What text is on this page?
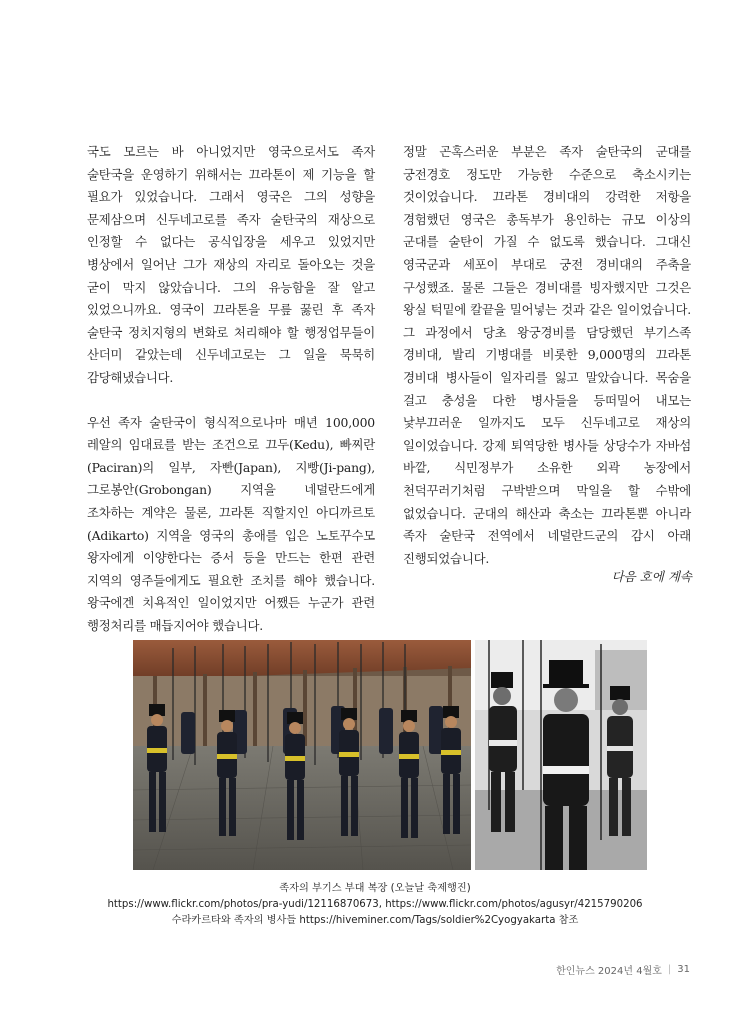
국도 모르는 바 아니었지만 영국으로서도 족자 술탄국을 운영하기 위해서는 끄라톤이 제 기능을 할 필요가 있었습니다. 그래서 영국은 그의 성향을 문제삼으며 신두네고로를 족자 술탄국의 재상으로 인정할 수 없다는 공식입장을 세우고 있었지만 병상에서 일어난 그가 재상의 자리로 돌아오는 것을 굳이 막지 않았습니다. 그의 유능함을 잘 알고 있었으니까요. 영국이 끄라톤을 무릎 꿇린 후 족자 술탄국 정치지형의 변화로 처리해야 할 행정업무들이 산더미 같았는데 신두네고로는 그 일을 묵묵히 감당해냈습니다.

우선 족자 술탄국이 형식적으로나마 매년 100,000 레알의 임대료를 받는 조건으로 끄두(Kedu), 빠찌란(Paciran)의 일부, 자빤(Japan), 지빵(Ji-pang), 그로봉안(Grobongan) 지역을 네덜란드에게 조차하는 계약은 물론, 끄라톤 직할지인 아디까르토(Adikarto) 지역을 영국의 총애를 입은 노토꾸수모 왕자에게 이양한다는 증서 등을 만드는 한편 관련 지역의 영주들에게도 필요한 조치를 해야 했습니다. 왕국에겐 치욕적인 일이었지만 어쨌든 누군가 관련 행정처리를 매듭지어야 했습니다.

정말 곤혹스러운 부분은 족자 술탄국의 군대를 궁전경호 정도만 가능한 수준으로 축소시키는 것이었습니다. 끄라톤 경비대의 강력한 저항을 경험했던 영국은 총독부가 용인하는 규모 이상의 군대를 술탄이 가질 수 없도록 했습니다. 그대신 영국군과 세포이 부대로 궁전 경비대의 주축을 구성했죠. 물론 그들은 경비대를 빙자했지만 그것은 왕실 턱밑에 칼끝을 밀어넣는 것과 같은 일이었습니다. 그 과정에서 당초 왕궁경비를 담당했던 부기스족 경비대, 발리 기병대를 비롯한 9,000명의 끄라톤 경비대 병사들이 일자리를 잃고 말았습니다. 목숨을 걸고 충성을 다한 병사들을 등떠밀어 내모는 낯부끄러운 일까지도 모두 신두네고로 재상의 일이었습니다. 강제 퇴역당한 병사들 상당수가 자바섬 바깥, 식민정부가 소유한 외곽 농장에서 천덕꾸러기처럼 구박받으며 막일을 할 수밖에 없었습니다. 군대의 해산과 축소는 끄라톤뿐 아니라 족자 술탄국 전역에서 네덜란드군의 감시 아래 진행되었습니다.

다음 호에 계속
족자의 부기스 부대 복장 (오늘날 축제행진)
https://www.flickr.com/photos/pra-yudi/12116870673, https://www.flickr.com/photos/agusyr/4215790206
수라카르타와 족자의 병사들 https://hiveminer.com/Tags/soldier%2Cyogyakarta 참조
한인뉴스 2024년 4월호 | 31
